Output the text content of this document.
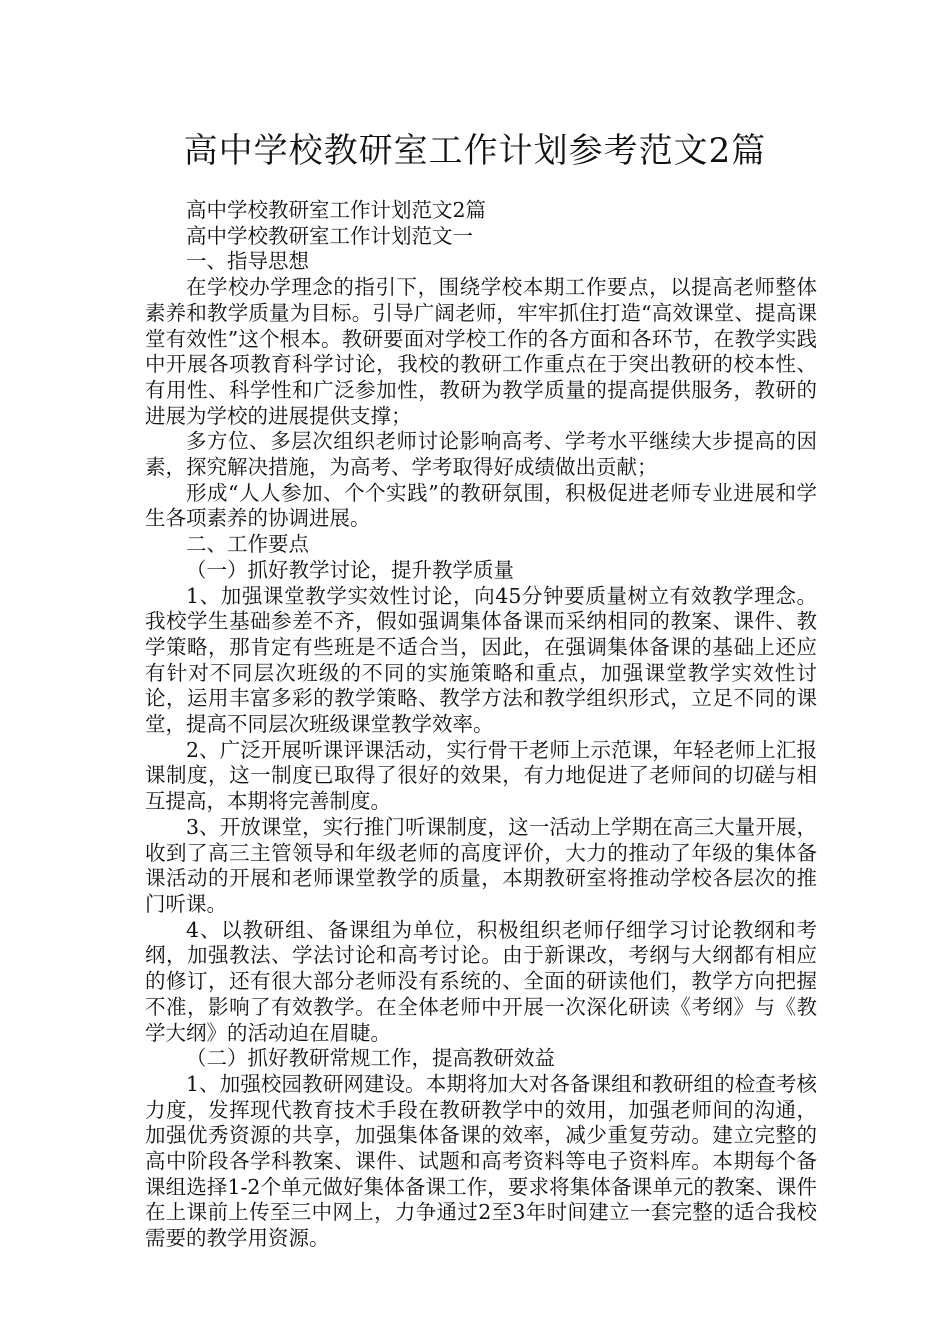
高中学校教研室工作计划参考范文2篇

高中学校教研室工作计划范文2篇

高中学校教研室工作计划范文一

一、指导思想

在学校办学理念的指引下，围绕学校本期工作要点，以提高老师整体素养和教学质量为目标。引导广阔老师，牢牢抓住打造“高效课堂、提高课堂有效性”这个根本。教研要面对学校工作的各方面和各环节，在教学实践中开展各项教育科学讨论，我校的教研工作重点在于突出教研的校本性、有用性、科学性和广泛参加性，教研为教学质量的提高提供服务，教研的进展为学校的进展提供支撑；

多方位、多层次组织老师讨论影响高考、学考水平继续大步提高的因素，探究解决措施，为高考、学考取得好成绩做出贡献；

形成“人人参加、个个实践”的教研氛围，积极促进老师专业进展和学生各项素养的协调进展。

二、工作要点

（一）抓好教学讨论，提升教学质量

1、加强课堂教学实效性讨论，向45分钟要质量树立有效教学理念。我校学生基础参差不齐，假如强调集体备课而采纳相同的教案、课件、教学策略，那肯定有些班是不适合当，因此，在强调集体备课的基础上还应有针对不同层次班级的不同的实施策略和重点，加强课堂教学实效性讨论，运用丰富多彩的教学策略、教学方法和教学组织形式，立足不同的课堂，提高不同层次班级课堂教学效率。

2、广泛开展听课评课活动，实行骨干老师上示范课，年轻老师上汇报课制度，这一制度已取得了很好的效果，有力地促进了老师间的切磋与相互提高，本期将完善制度。

3、开放课堂，实行推门听课制度，这一活动上学期在高三大量开展，收到了高三主管领导和年级老师的高度评价，大力的推动了年级的集体备课活动的开展和老师课堂教学的质量，本期教研室将推动学校各层次的推门听课。

4、以教研组、备课组为单位，积极组织老师仔细学习讨论教纲和考纲，加强教法、学法讨论和高考讨论。由于新课改，考纲与大纲都有相应的修订，还有很大部分老师没有系统的、全面的研读他们，教学方向把握不准，影响了有效教学。在全体老师中开展一次深化研读《考纲》与《教学大纲》的活动迫在眉睫。

（二）抓好教研常规工作，提高教研效益

1、加强校园教研网建设。本期将加大对各备课组和教研组的检查考核力度，发挥现代教育技术手段在教研教学中的效用，加强老师间的沟通，加强优秀资源的共享，加强集体备课的效率，减少重复劳动。建立完整的高中阶段各学科教案、课件、试题和高考资料等电子资料库。本期每个备课组选择1-2个单元做好集体备课工作，要求将集体备课单元的教案、课件在上课前上传至三中网上，力争通过2至3年时间建立一套完整的适合我校需要的教学用资源。
